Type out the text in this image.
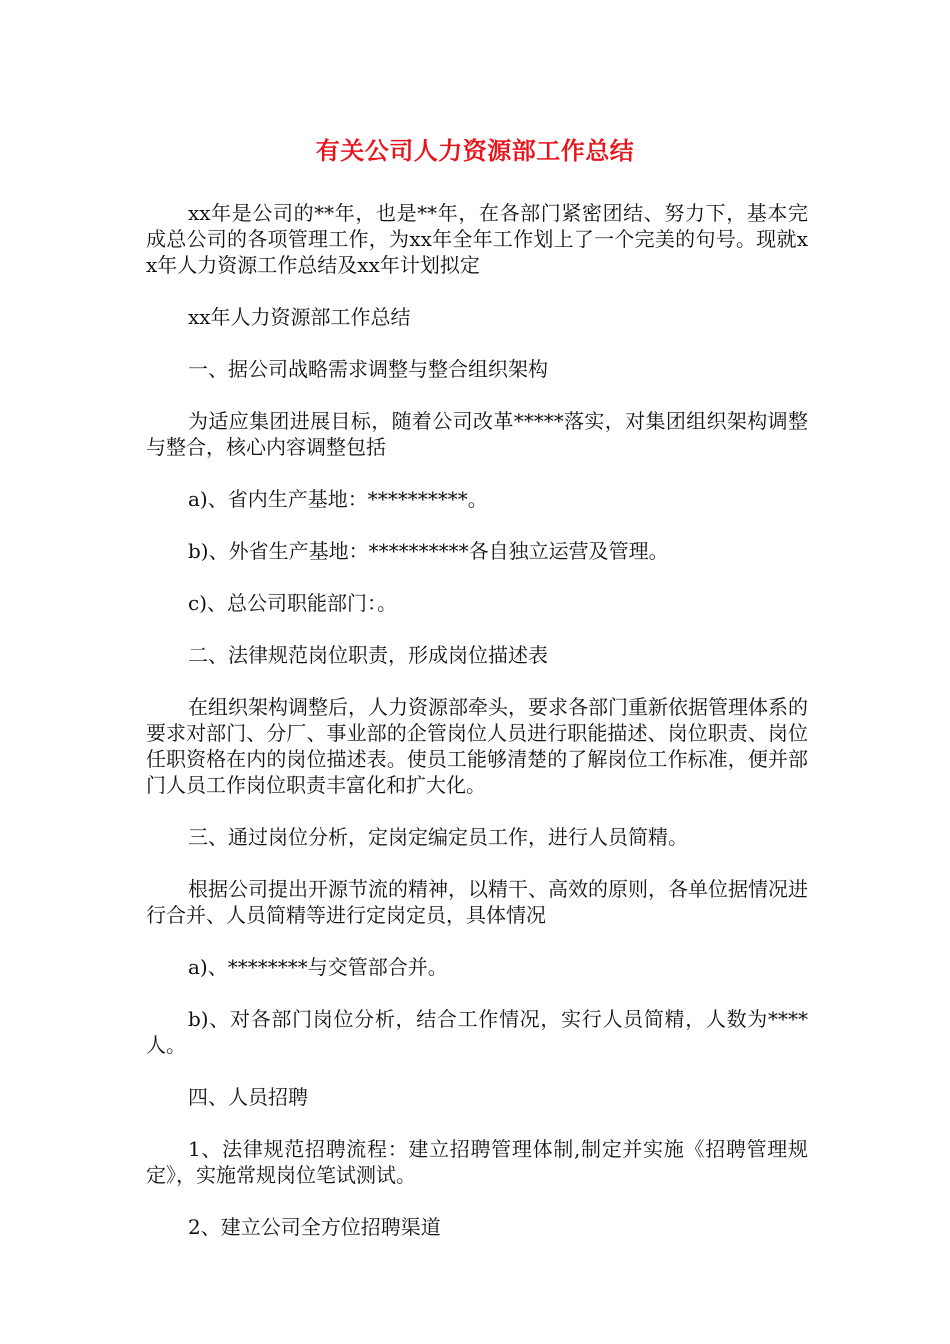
有关公司人力资源部工作总结

xx年是公司的**年，也是**年，在各部门紧密团结、努力下，基本完成总公司的各项管理工作，为xx年全年工作划上了一个完美的句号。现就xx年人力资源工作总结及xx年计划拟定

xx年人力资源部工作总结

一、据公司战略需求调整与整合组织架构

为适应集团进展目标，随着公司改革*****落实，对集团组织架构调整与整合，核心内容调整包括

a)、省内生产基地：**********。

b)、外省生产基地：**********各自独立运营及管理。

c)、总公司职能部门：。

二、法律规范岗位职责，形成岗位描述表

在组织架构调整后，人力资源部牵头，要求各部门重新依据管理体系的要求对部门、分厂、事业部的企管岗位人员进行职能描述、岗位职责、岗位任职资格在内的岗位描述表。使员工能够清楚的了解岗位工作标准，便并部门人员工作岗位职责丰富化和扩大化。

三、通过岗位分析，定岗定编定员工作，进行人员简精。

根据公司提出开源节流的精神，以精干、高效的原则，各单位据情况进行合并、人员简精等进行定岗定员，具体情况

a)、********与交管部合并。

b)、对各部门岗位分析，结合工作情况，实行人员简精，人数为****人。

四、人员招聘

1、法律规范招聘流程：建立招聘管理体制,制定并实施《招聘管理规定》，实施常规岗位笔试测试。

2、建立公司全方位招聘渠道
